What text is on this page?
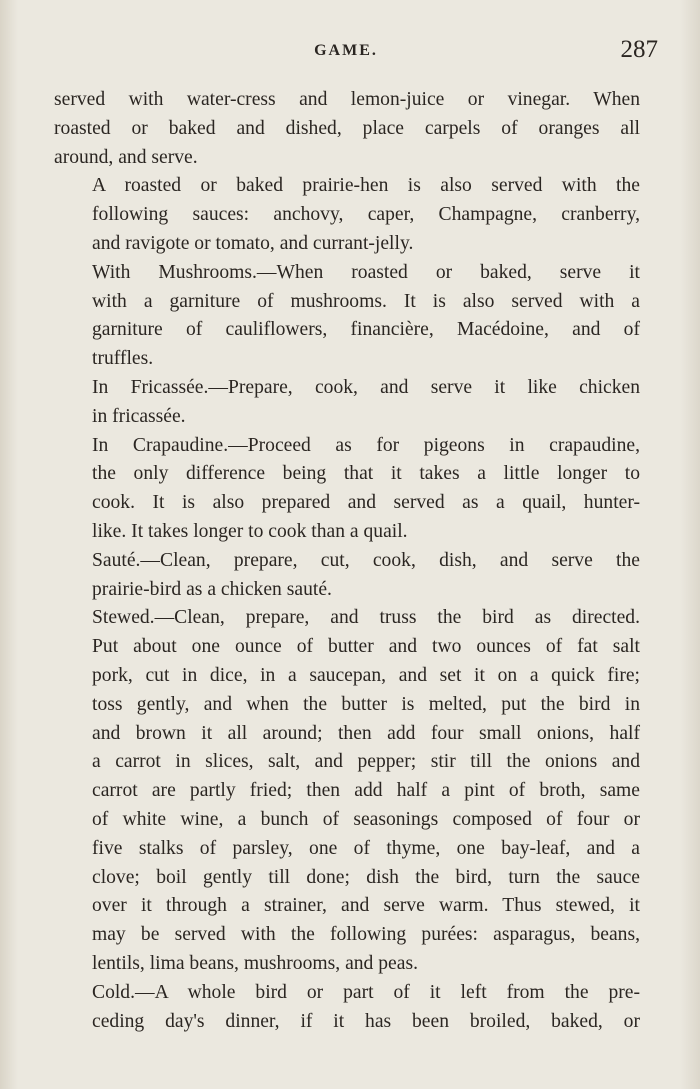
GAME.	287

served with water-cress and lemon-juice or vinegar. When
roasted or baked and dished, place carpels of oranges all
around, and serve.

A roasted or baked prairie-hen is also served with the
following sauces: anchovy, caper, Champagne, cranberry,
and ravigote or tomato, and currant-jelly.

With Mushrooms.—When roasted or baked, serve it
with a garniture of mushrooms. It is also served with a
garniture of cauliflowers, financière, Macédoine, and of
truffles.

In Fricassée.—Prepare, cook, and serve it like chicken
in fricassée.

In Crapaudine.—Proceed as for pigeons in crapaudine,
the only difference being that it takes a little longer to
cook. It is also prepared and served as a quail, hunter-
like. It takes longer to cook than a quail.

Sauté.—Clean, prepare, cut, cook, dish, and serve the
prairie-bird as a chicken sauté.

Stewed.—Clean, prepare, and truss the bird as directed.
Put about one ounce of butter and two ounces of fat salt
pork, cut in dice, in a saucepan, and set it on a quick fire;
toss gently, and when the butter is melted, put the bird in
and brown it all around; then add four small onions, half
a carrot in slices, salt, and pepper; stir till the onions and
carrot are partly fried; then add half a pint of broth, same
of white wine, a bunch of seasonings composed of four or
five stalks of parsley, one of thyme, one bay-leaf, and a
clove; boil gently till done; dish the bird, turn the sauce
over it through a strainer, and serve warm. Thus stewed, it
may be served with the following purées: asparagus, beans,
lentils, lima beans, mushrooms, and peas.

Cold.—A whole bird or part of it left from the pre-
ceding day's dinner, if it has been broiled, baked, or
